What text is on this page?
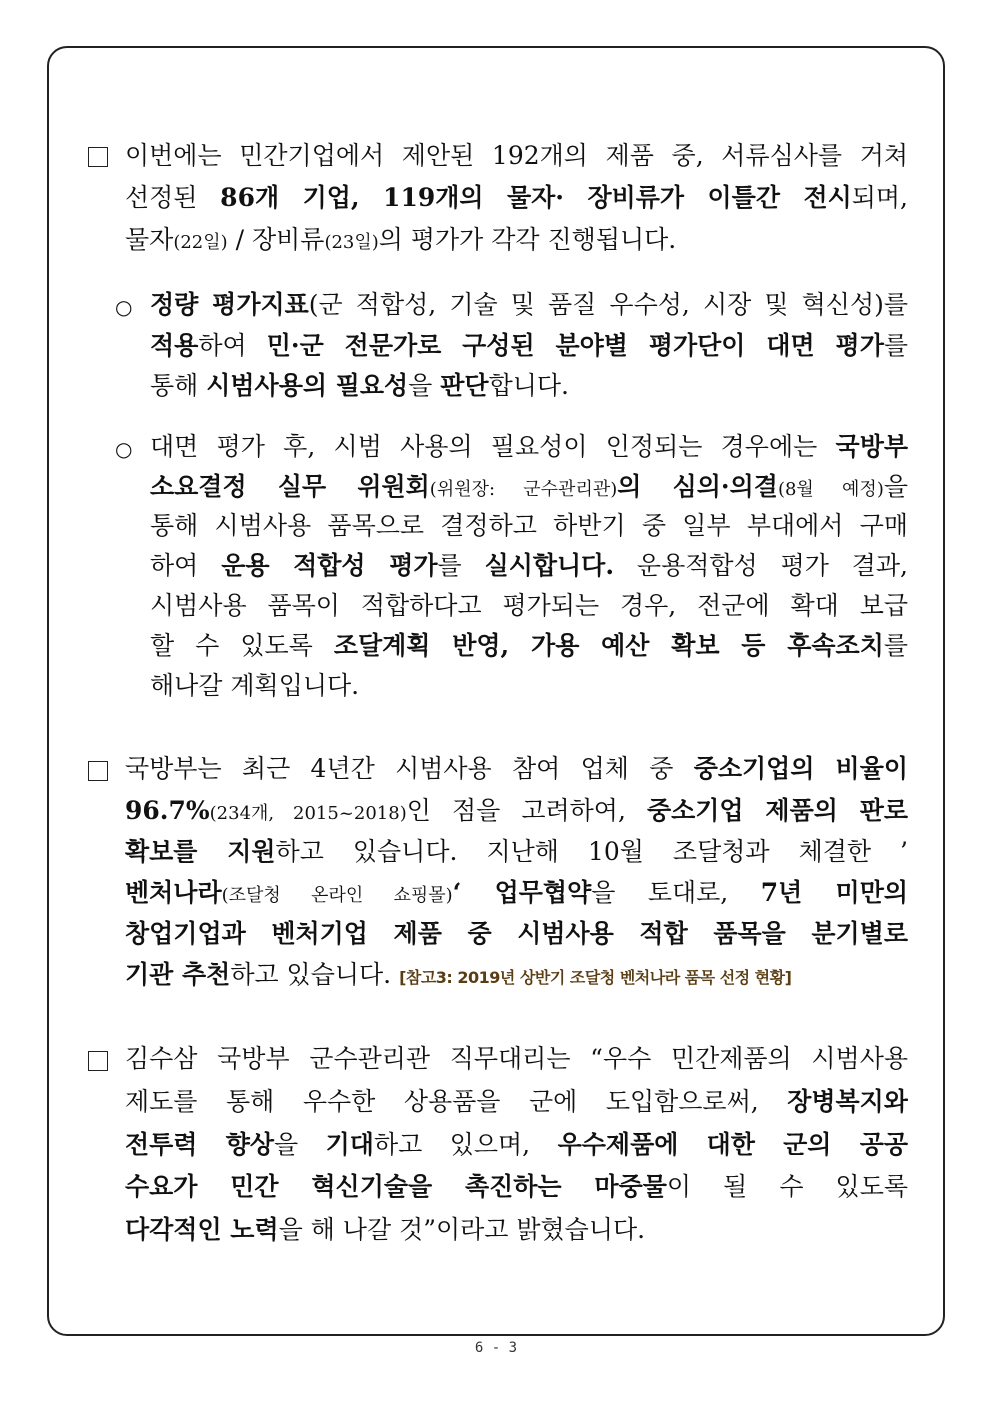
이번에는 민간기업에서 제안된 192개의 제품 중, 서류심사를 거쳐
선정된 86개 기업, 119개의 물자· 장비류가 이틀간 전시되며,
물자(22일) / 장비류(23일)의 평가가 각각 진행됩니다.
○ 정량 평가지표(군 적합성, 기술 및 품질 우수성, 시장 및 혁신성)를
적용하여 민·군 전문가로 구성된 분야별 평가단이 대면 평가를
통해 시범사용의 필요성을 판단합니다.
○ 대면 평가 후, 시범 사용의 필요성이 인정되는 경우에는 국방부
소요결정 실무 위원회(위원장: 군수관리관)의 심의·의결(8월 예정)을
통해 시범사용 품목으로 결정하고 하반기 중 일부 부대에서 구매
하여 운용 적합성 평가를 실시합니다. 운용적합성 평가 결과,
시범사용 품목이 적합하다고 평가되는 경우, 전군에 확대 보급
할 수 있도록 조달계획 반영, 가용 예산 확보 등 후속조치를
해나갈 계획입니다.
국방부는 최근 4년간 시범사용 참여 업체 중 중소기업의 비율이
96.7%(234개, 2015~2018)인 점을 고려하여, 중소기업 제품의 판로
확보를 지원하고 있습니다. 지난해 10월 조달청과 체결한 ’
벤처나라(조달청 온라인 쇼핑몰)‘ 업무협약을 토대로, 7년 미만의
창업기업과 벤처기업 제품 중 시범사용 적합 품목을 분기별로
기관 추천하고 있습니다. [참고3: 2019년 상반기 조달청 벤처나라 품목 선정 현황]
김수삼 국방부 군수관리관 직무대리는 “우수 민간제품의 시범사용
제도를 통해 우수한 상용품을 군에 도입함으로써, 장병복지와
전투력 향상을 기대하고 있으며, 우수제품에 대한 군의 공공
수요가 민간 혁신기술을 촉진하는 마중물이 될 수 있도록
다각적인 노력을 해 나갈 것”이라고 밝혔습니다.
6 - 3
